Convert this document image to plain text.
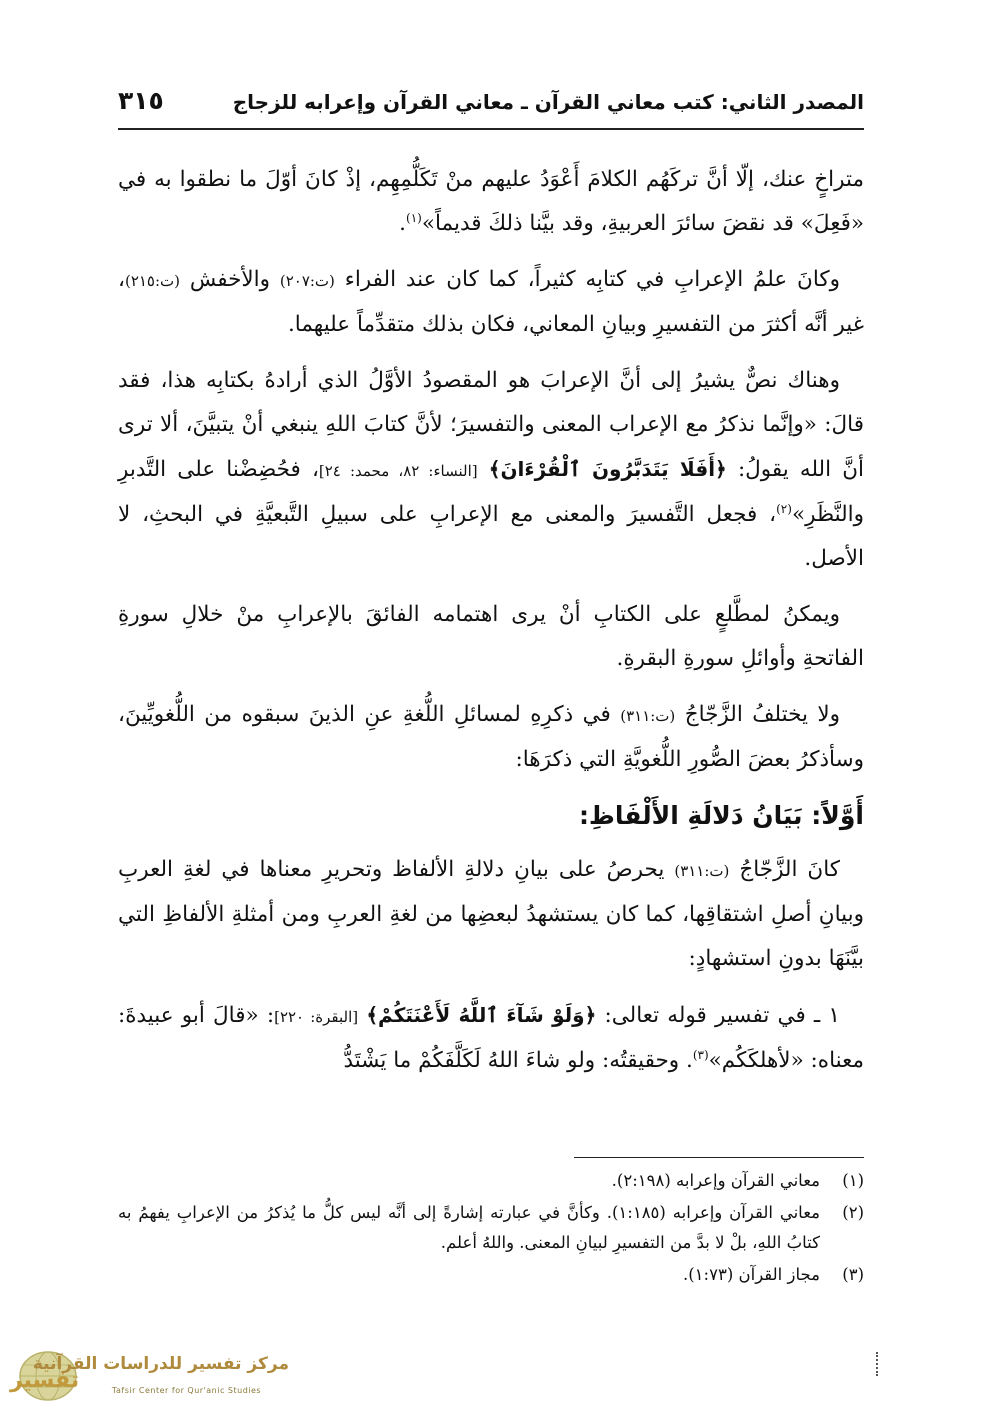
المصدر الثاني: كتب معاني القرآن ـ معاني القرآن وإعرابه للزجاج
٣١٥

متراخٍ عنك، إلّا أنَّ تركَهُم الكلامَ أَعْوَدُ عليهم منْ تَكَلُّمِهِم، إذْ كانَ أوّلَ ما نطقوا به في «فَعِلَ» قد نقضَ سائرَ العربيةِ، وقد بيَّنا ذلكَ قديماً»$^{(١)}$.

وكانَ علمُ الإعرابِ في كتابِه كثيراً، كما كان عند الفراء (ت:٢٠٧) والأخفش (ت:٢١٥)، غير أنَّه أكثرَ من التفسيرِ وبيانِ المعاني، فكان بذلك متقدِّماً عليهما.

وهناك نصٌّ يشيرُ إلى أنَّ الإعرابَ هو المقصودُ الأوَّلُ الذي أرادهُ بكتابِه هذا، فقد قالَ: «وإنَّما نذكرُ مع الإعراب المعنى والتفسيرَ؛ لأنَّ كتابَ اللهِ ينبغي أنْ يتبيَّنَ، ألا ترى أنَّ الله يقولُ: ﴿أَفَلَا يَتَدَبَّرُونَ ٱلْقُرْءَانَ﴾ [النساء: ٨٢، محمد: ٢٤]، فحُضِضْنا على التَّدبرِ والنَّظَرِ»$^{(٢)}$، فجعل التَّفسيرَ والمعنى مع الإعرابِ على سبيلِ التَّبعيَّةِ في البحثِ، لا الأصل.

ويمكنُ لمطَّلعٍ على الكتابِ أنْ يرى اهتمامه الفائقَ بالإعرابِ منْ خلالِ سورةِ الفاتحةِ وأوائلِ سورةِ البقرةِ.

ولا يختلفُ الزَّجّاجُ (ت:٣١١) في ذكرِهِ لمسائلِ اللُّغةِ عنِ الذينَ سبقوه من اللُّغويِّينَ، وسأذكرُ بعضَ الصُّورِ اللُّغويَّةِ التي ذكرَهَا:

أَوَّلاً: بَيَانُ دَلالَةِ الأَلْفَاظِ:

كانَ الزَّجّاجُ (ت:٣١١) يحرصُ على بيانِ دلالةِ الألفاظ وتحريرِ معناها في لغةِ العربِ وبيانِ أصلِ اشتقاقِها، كما كان يستشهدُ لبعضِها من لغةِ العربِ ومن أمثلةِ الألفاظِ التي بيَّنَهَا بدونِ استشهادٍ:

١ ـ في تفسير قوله تعالى: ﴿وَلَوْ شَآءَ ٱللَّهُ لَأَعْنَتَكُمْ﴾ [البقرة: ٢٢٠]: «قالَ أبو عبيدةَ: معناه: «لأهلكَكُم»$^{(٣)}$. وحقيقتُه: ولو شاءَ اللهُ لَكَلَّفَكُمْ ما يَشْتَدُّ

(١)
معاني القرآن وإعرابه (٢:١٩٨).
(٢)
معاني القرآن وإعرابه (١:١٨٥). وكأنَّ في عبارته إشارةً إلى أنَّه ليس كلُّ ما يُذكرُ من الإعرابِ يفهمُ به كتابُ اللهِ، بلْ لا بدَّ من التفسيرِ لبيانِ المعنى. واللهُ أعلم.
(٣)
مجاز القرآن (١:٧٣).
تفسير
مركز تفسير للدراسات القرآنية
Tafsir Center for Qur'anic Studies
